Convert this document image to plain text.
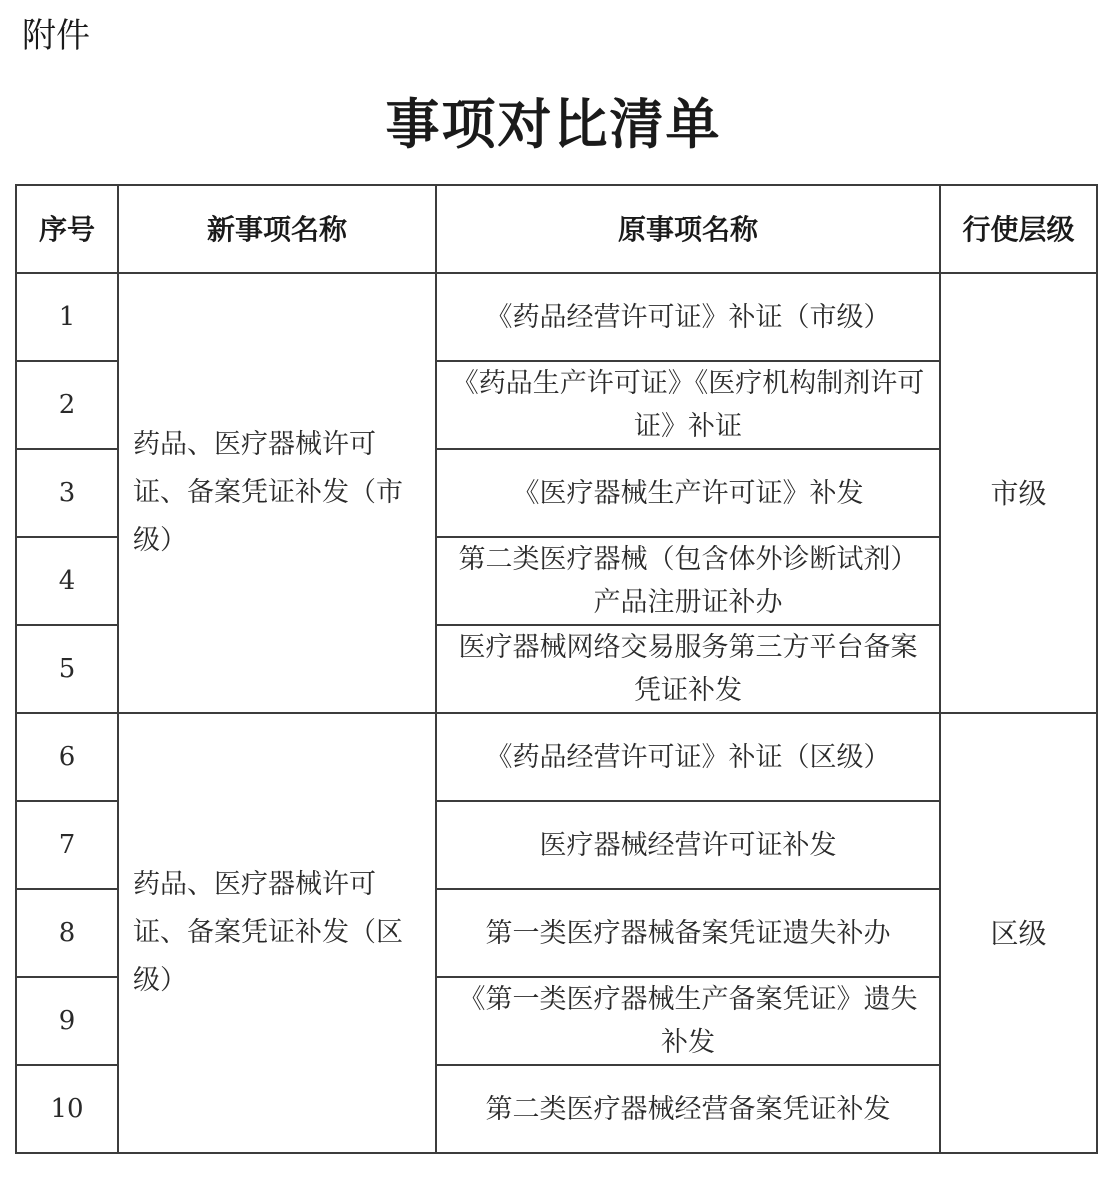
附件
事项对比清单
序号	新事项名称	原事项名称	行使层级
1	药品、医疗器械许可证、备案凭证补发（市级）	《药品经营许可证》补证（市级）	市级
2		《药品生产许可证》《医疗机构制剂许可证》补证	
3		《医疗器械生产许可证》补发	
4		第二类医疗器械（包含体外诊断试剂）产品注册证补办	
5		医疗器械网络交易服务第三方平台备案凭证补发	
6	药品、医疗器械许可证、备案凭证补发（区级）	《药品经营许可证》补证（区级）	区级
7		医疗器械经营许可证补发	
8		第一类医疗器械备案凭证遗失补办	
9		《第一类医疗器械生产备案凭证》遗失补发	
10		第二类医疗器械经营备案凭证补发	
